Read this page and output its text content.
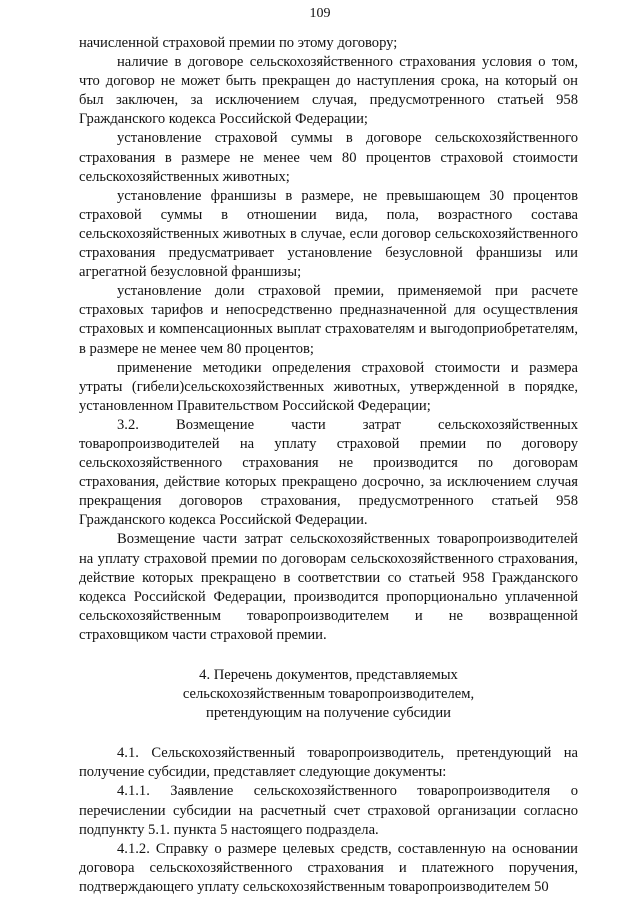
109

начисленной страховой премии по этому договору;

наличие в договоре сельскохозяйственного страхования условия о том, что договор не может быть прекращен до наступления срока, на который он был заключен, за исключением случая, предусмотренного статьей 958 Гражданского кодекса Российской Федерации;

установление страховой суммы в договоре сельскохозяйственного страхования в размере не менее чем 80 процентов страховой стоимости сельскохозяйственных животных;

установление франшизы в размере, не превышающем 30 процентов страховой суммы в отношении вида, пола, возрастного состава сельскохозяйственных животных в случае, если договор сельскохозяйственного страхования предусматривает установление безусловной франшизы или агрегатной безусловной франшизы;

установление доли страховой премии, применяемой при расчете страховых тарифов и непосредственно предназначенной для осуществления страховых и компенсационных выплат страхователям и выгодоприобретателям, в размере не менее чем 80 процентов;

применение методики определения страховой стоимости и размера утраты (гибели)сельскохозяйственных животных, утвержденной в порядке, установленном Правительством Российской Федерации;

3.2. Возмещение части затрат сельскохозяйственных товаропроизводителей на уплату страховой премии по договору сельскохозяйственного страхования не производится по договорам страхования, действие которых прекращено досрочно, за исключением случая прекращения договоров страхования, предусмотренного статьей 958 Гражданского кодекса Российской Федерации.

Возмещение части затрат сельскохозяйственных товаропроизводителей на уплату страховой премии по договорам сельскохозяйственного страхования, действие которых прекращено в соответствии со статьей 958 Гражданского кодекса Российской Федерации, производится пропорционально уплаченной сельскохозяйственным товаропроизводителем и не возвращенной страховщиком части страховой премии.

4. Перечень документов, представляемых
сельскохозяйственным товаропроизводителем,
претендующим на получение субсидии

4.1. Сельскохозяйственный товаропроизводитель, претендующий на получение субсидии, представляет следующие документы:

4.1.1. Заявление сельскохозяйственного товаропроизводителя о перечислении субсидии на расчетный счет страховой организации согласно подпункту 5.1. пункта 5 настоящего подраздела.

4.1.2. Справку о размере целевых средств, составленную на основании договора сельскохозяйственного страхования и платежного поручения, подтверждающего уплату сельскохозяйственным товаропроизводителем 50
